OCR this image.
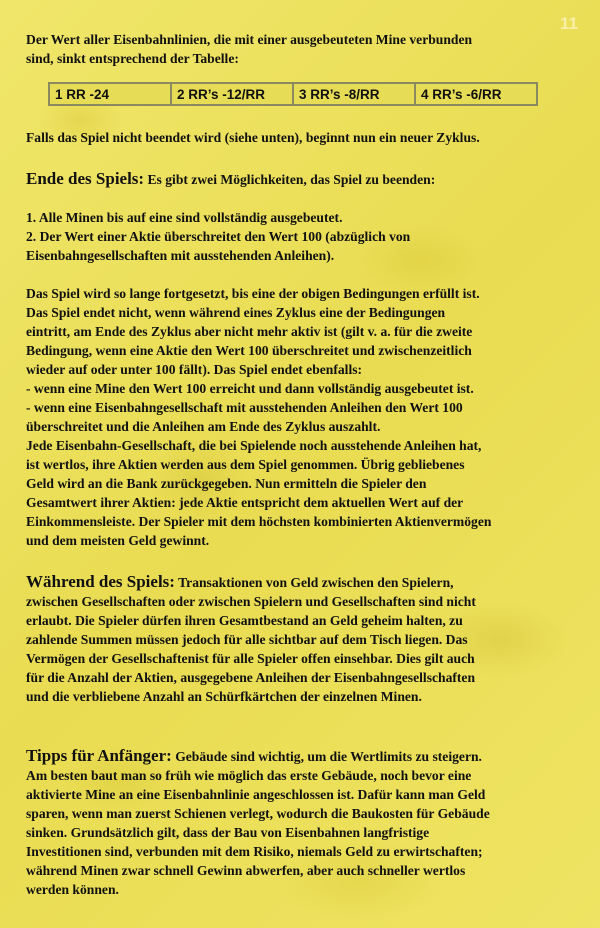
11

Der Wert aller Eisenbahnlinien, die mit einer ausgebeuteten Mine verbunden

sind, sinkt entsprechend der Tabelle:

1 RR -24	2 RR’s -12/RR	3 RR’s -8/RR	4 RR’s -6/RR

Falls das Spiel nicht beendet wird (siehe unten), beginnt nun ein neuer Zyklus.

Ende des Spiels: Es gibt zwei Möglichkeiten, das Spiel zu beenden:

1. Alle Minen bis auf eine sind vollständig ausgebeutet.

2. Der Wert einer Aktie überschreitet den Wert 100 (abzüglich von

Eisenbahngesellschaften mit ausstehenden Anleihen).

Das Spiel wird so lange fortgesetzt, bis eine der obigen Bedingungen erfüllt ist.

Das Spiel endet nicht, wenn während eines Zyklus eine der Bedingungen

eintritt, am Ende des Zyklus aber nicht mehr aktiv ist (gilt v. a. für die zweite

Bedingung, wenn eine Aktie den Wert 100 überschreitet und zwischenzeitlich

wieder auf oder unter 100 fällt). Das Spiel endet ebenfalls:

- wenn eine Mine den Wert 100 erreicht und dann vollständig ausgebeutet ist.

- wenn eine Eisenbahngesellschaft mit ausstehenden Anleihen den Wert 100

überschreitet und die Anleihen am Ende des Zyklus auszahlt.

Jede Eisenbahn-Gesellschaft, die bei Spielende noch ausstehende Anleihen hat,

ist wertlos, ihre Aktien werden aus dem Spiel genommen. Übrig gebliebenes

Geld wird an die Bank zurückgegeben. Nun ermitteln die Spieler den

Gesamtwert ihrer Aktien: jede Aktie entspricht dem aktuellen Wert auf der

Einkommensleiste. Der Spieler mit dem höchsten kombinierten Aktienvermögen

und dem meisten Geld gewinnt.

Während des Spiels: Transaktionen von Geld zwischen den Spielern,

zwischen Gesellschaften oder zwischen Spielern und Gesellschaften sind nicht

erlaubt. Die Spieler dürfen ihren Gesamtbestand an Geld geheim halten, zu

zahlende Summen müssen jedoch für alle sichtbar auf dem Tisch liegen. Das

Vermögen der Gesellschaftenist für alle Spieler offen einsehbar. Dies gilt auch

für die Anzahl der Aktien, ausgegebene Anleihen der Eisenbahngesellschaften

und die verbliebene Anzahl an Schürfkärtchen der einzelnen Minen.

Tipps für Anfänger: Gebäude sind wichtig, um die Wertlimits zu steigern.

Am besten baut man so früh wie möglich das erste Gebäude, noch bevor eine

aktivierte Mine an eine Eisenbahnlinie angeschlossen ist. Dafür kann man Geld

sparen, wenn man zuerst Schienen verlegt, wodurch die Baukosten für Gebäude

sinken. Grundsätzlich gilt, dass der Bau von Eisenbahnen langfristige

Investitionen sind, verbunden mit dem Risiko, niemals Geld zu erwirtschaften;

während Minen zwar schnell Gewinn abwerfen, aber auch schneller wertlos

werden können.
